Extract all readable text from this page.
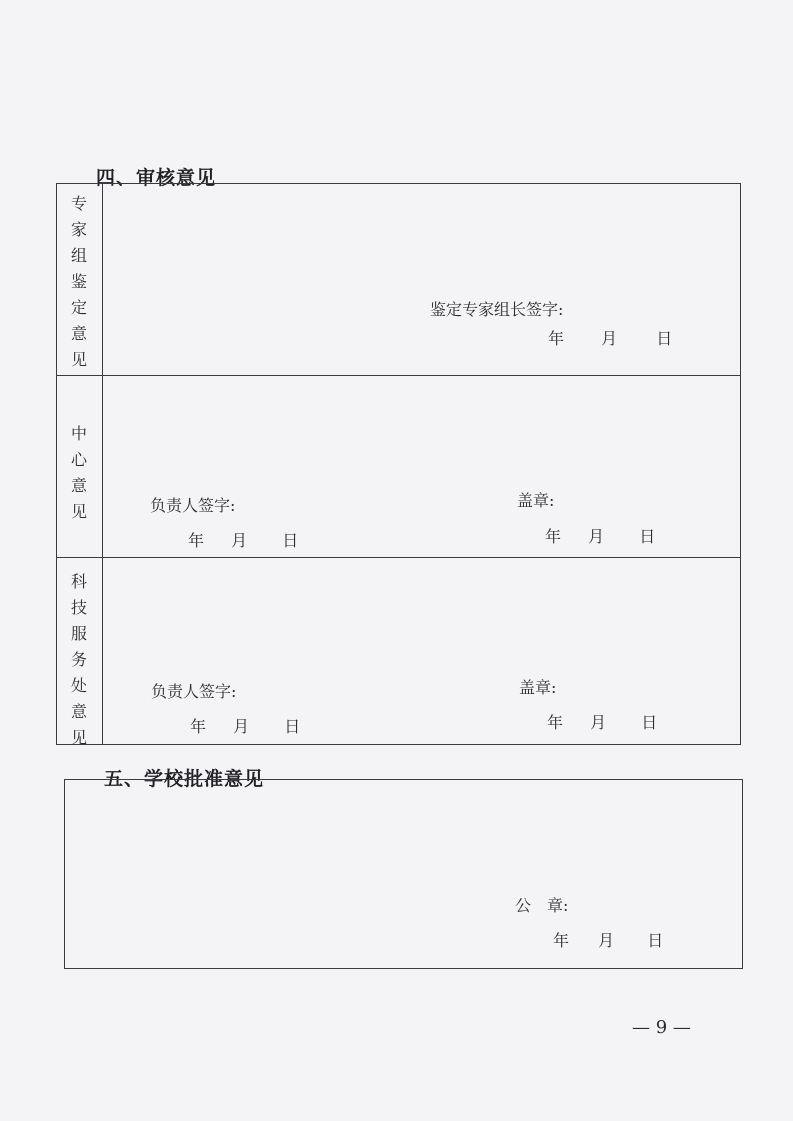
四、审核意见
专
家
组
鉴
定
意
见
鉴定专家组长签字:
年 月 日
中
心
意
见	负责人签字:
年 月 日
盖章:
年 月 日
科
技
服
务
处
意
见
负责人签字:
年 月 日
盖章:
年 月 日
五、学校批准意见
公　章:
年 月 日
— 9 —
